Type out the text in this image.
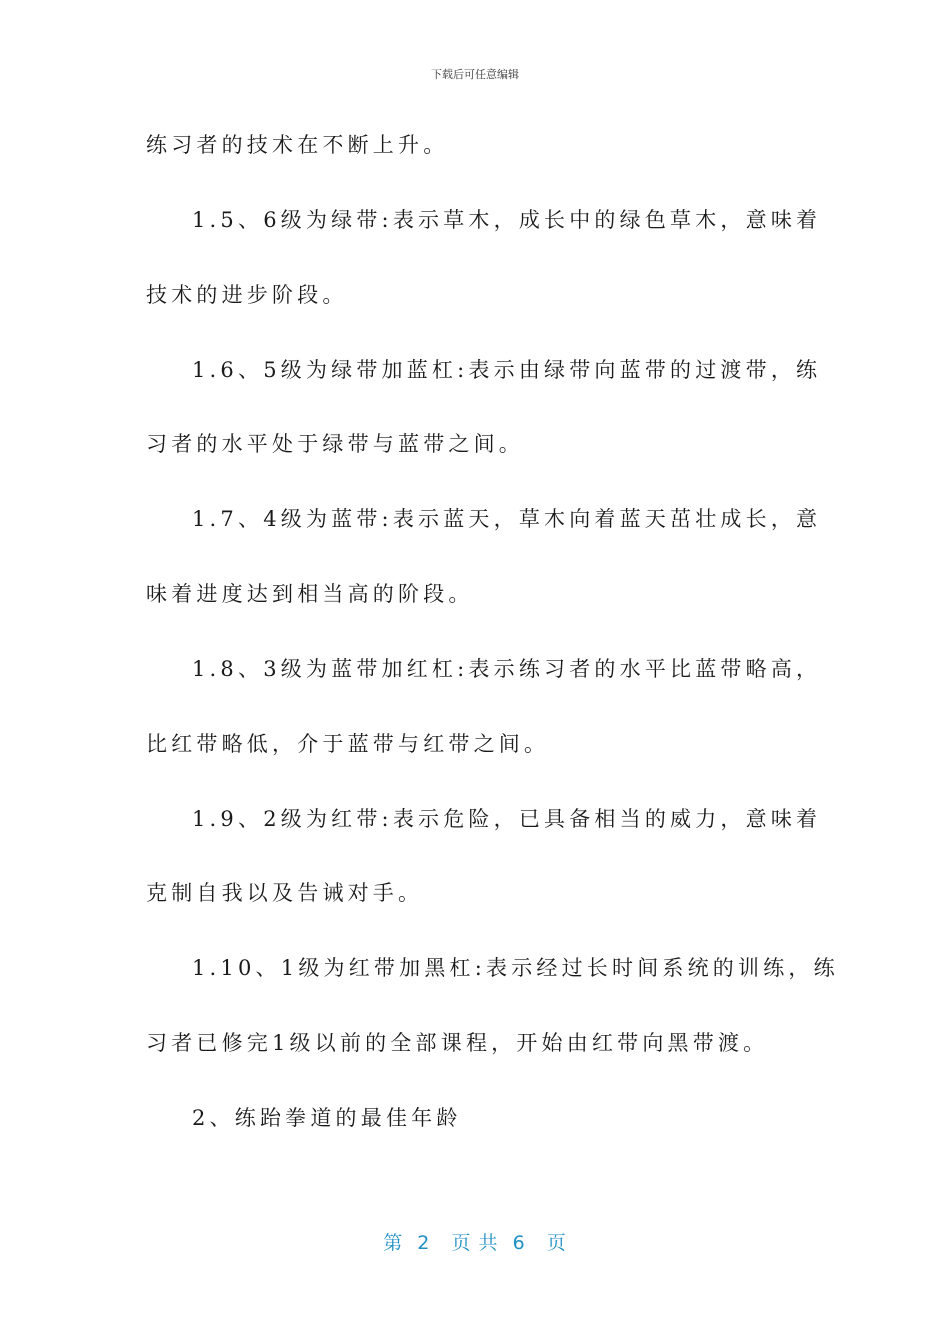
下载后可任意编辑
练习者的技术在不断上升。
1.5、6级为绿带:表示草木，成长中的绿色草木，意味着
技术的进步阶段。
1.6、5级为绿带加蓝杠:表示由绿带向蓝带的过渡带，练
习者的水平处于绿带与蓝带之间。
1.7、4级为蓝带:表示蓝天，草木向着蓝天茁壮成长，意
味着进度达到相当高的阶段。
1.8、3级为蓝带加红杠:表示练习者的水平比蓝带略高，
比红带略低，介于蓝带与红带之间。
1.9、2级为红带:表示危险，已具备相当的威力，意味着
克制自我以及告诫对手。
1.10、1级为红带加黑杠:表示经过长时间系统的训练，练
习者已修完1级以前的全部课程，开始由红带向黑带渡。
2、练跆拳道的最佳年龄
第  2   页 共  6   页
